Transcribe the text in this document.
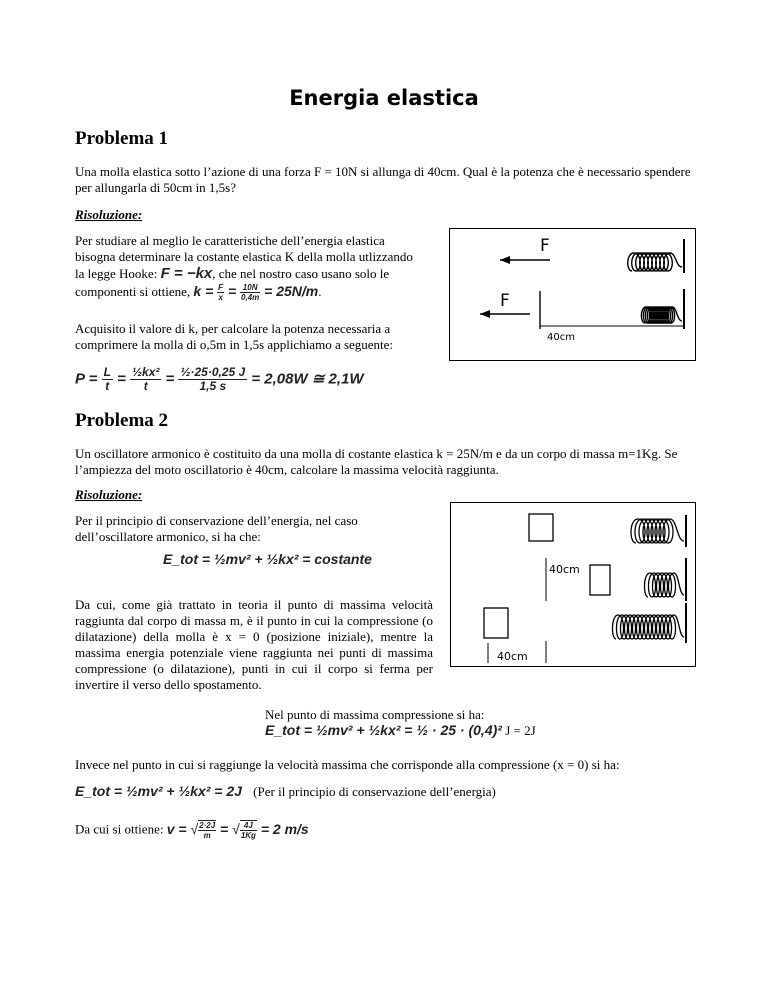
Energia elastica
Problema 1
Una molla elastica sotto l’azione di una forza F = 10N si allunga di 40cm. Qual è la potenza che è necessario spendere per allungarla di 50cm in 1,5s?
Risoluzione:
Per studiare al meglio le caratteristiche dell’energia elastica
bisogna determinare la costante elastica K della molla utlizzando
la legge Hooke: F = −kx, che nel nostro caso usano solo le
componenti si ottiene, $k = \frac{F}{x} = \frac{10N}{0,4m} = 25N/m$.
Acquisito il valore di k, per calcolare la potenza necessaria a comprimere la molla di o,5m in 1,5s applichiamo a seguente:
$P = \frac{L}{t} = \frac{\text{½kx²}}{t} = \frac{\text{½·25·0,25 J}}{1,5 s} = 2,08W$ ≅ 2,1W
F
F
40cm
Problema 2
Un oscillatore armonico è costituito da una molla di costante elastica k = 25N/m e da un corpo di massa m=1Kg. Se l’ampiezza del moto oscillatorio è 40cm, calcolare la massima velocità raggiunta.
Risoluzione:
Per il principio di conservazione dell’energia, nel caso dell’oscillatore armonico, si ha che:
E_tot = ½mv² + ½kx² = costante
Da cui, come già trattato in teoria il punto di massima velocità raggiunta dal corpo di massa m, è il punto in cui la compressione (o dilatazione) della molla è x = 0 (posizione iniziale), mentre la massima energia potenziale viene raggiunta nei punti di massima compressione (o dilatazione), punti in cui il corpo si ferma per invertire il verso dello spostamento.
40cm
40cm
Nel punto di massima compressione si ha:
E_tot = ½mv² + ½kx² = ½ · 25 · (0,4)² J = 2J
Invece nel punto in cui si raggiunge la velocità massima che corrisponde alla compressione (x = 0) si ha:
E_tot = ½mv² + ½kx² = 2J (Per il principio di conservazione dell’energia)
Da cui si ottiene: v = √ $\frac{2\cdot 2J}{m}$ = √ $\frac{4J}{1Kg} = 2$ m/s
